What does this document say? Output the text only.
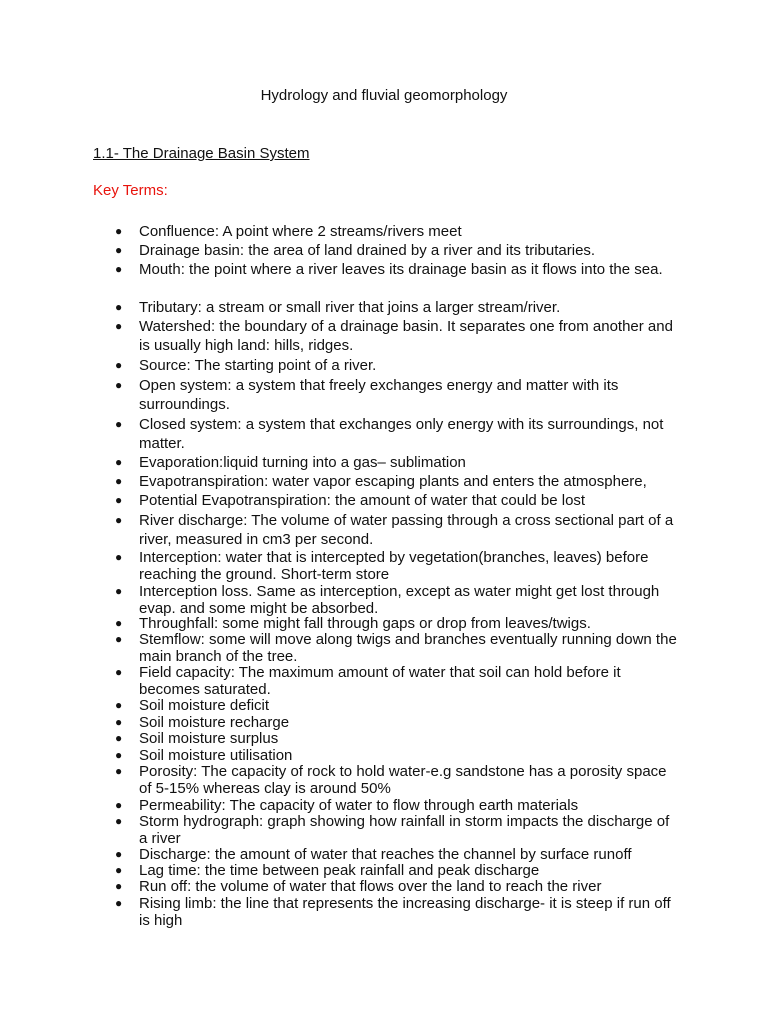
Hydrology and fluvial geomorphology
1.1- The Drainage Basin System
Key Terms:
● Confluence: A point where 2 streams/rivers meet
● Drainage basin: the area of land drained by a river and its tributaries.
● Mouth: the point where a river leaves its drainage basin as it flows into the sea.
● Tributary: a stream or small river that joins a larger stream/river.
● Watershed: the boundary of a drainage basin. It separates one from another and is usually high land: hills, ridges.
● Source: The starting point of a river.
● Open system: a system that freely exchanges energy and matter with its surroundings.
● Closed system: a system that exchanges only energy with its surroundings, not matter.
● Evaporation:liquid turning into a gas– sublimation
● Evapotranspiration: water vapor escaping plants and enters the atmosphere,
● Potential Evapotranspiration: the amount of water that could be lost
● River discharge: The volume of water passing through a cross sectional part of a river, measured in cm3 per second.
● Interception: water that is intercepted by vegetation(branches, leaves) before reaching the ground. Short-term store
● Interception loss. Same as interception, except as water might get lost through evap. and some might be absorbed.
● Throughfall: some might fall through gaps or drop from leaves/twigs.
● Stemflow: some will move along twigs and branches eventually running down the main branch of the tree.
● Field capacity: The maximum amount of water that soil can hold before it becomes saturated.
● Soil moisture deficit
● Soil moisture recharge
● Soil moisture surplus
● Soil moisture utilisation
● Porosity: The capacity of rock to hold water-e.g sandstone has a porosity space of 5-15% whereas clay is around 50%
● Permeability: The capacity of water to flow through earth materials
● Storm hydrograph: graph showing how rainfall in storm impacts the discharge of a river
● Discharge: the amount of water that reaches the channel by surface runoff
● Lag time: the time between peak rainfall and peak discharge
● Run off: the volume of water that flows over the land to reach the river
● Rising limb: the line that represents the increasing discharge- it is steep if run off is high
